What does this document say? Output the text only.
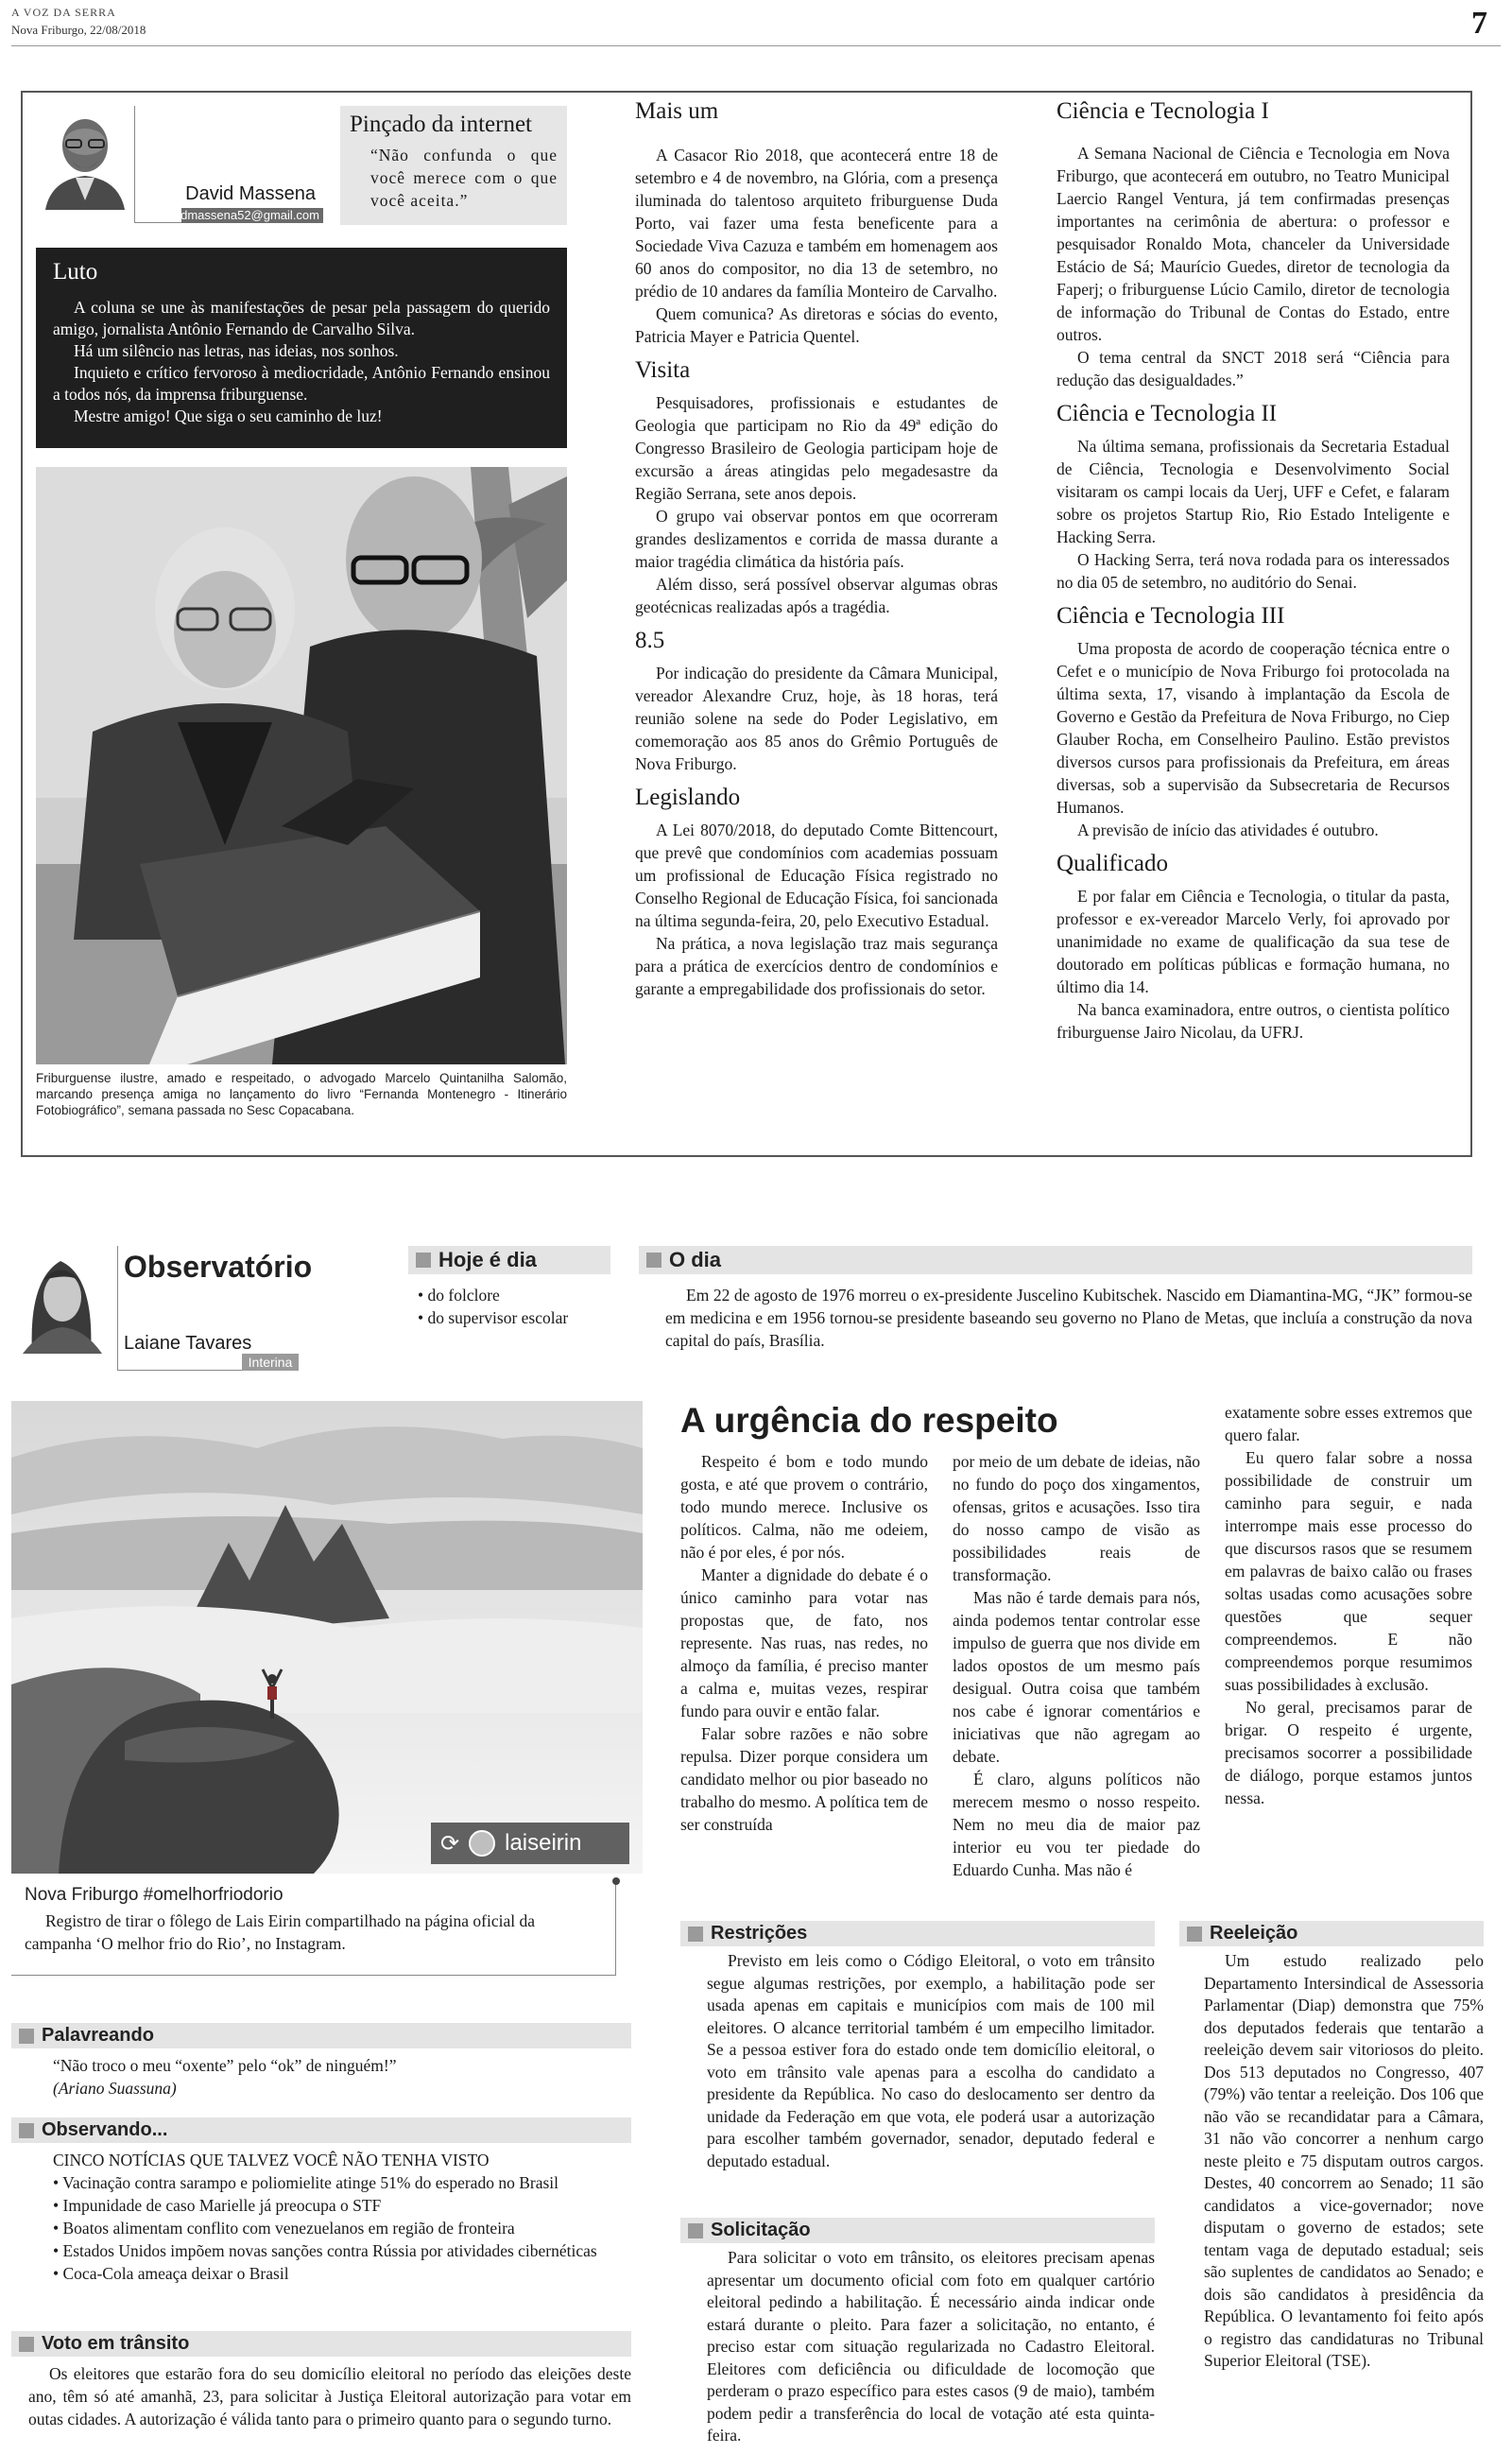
A VOZ DA SERRA
Nova Friburgo, 22/08/2018	7
David Massena
davidmassena52@gmail.com
Pinçado da internet
“Não confunda o que você merece com o que você aceita.”
Luto

A coluna se une às manifestações de pesar pela passagem do querido amigo, jornalista Antônio Fernando de Carvalho Silva.

Há um silêncio nas letras, nas ideias, nos sonhos.

Inquieto e crítico fervoroso à mediocridade, Antônio Fernando ensinou a todos nós, da imprensa friburguense.

Mestre amigo! Que siga o seu caminho de luz!

Friburguense ilustre, amado e respeitado, o advogado Marcelo Quintanilha Salomão, marcando presença amiga no lançamento do livro “Fernanda Montenegro - Itinerário Fotobiográfico”, semana passada no Sesc Copacabana.
Mais um

A Casacor Rio 2018, que acontecerá entre 18 de setembro e 4 de novembro, na Glória, com a presença iluminada do talentoso arquiteto friburguense Duda Porto, vai fazer uma festa beneficente para a Sociedade Viva Cazuza e também em homenagem aos 60 anos do compositor, no dia 13 de setembro, no prédio de 10 andares da família Monteiro de Carvalho.

Quem comunica? As diretoras e sócias do evento, Patricia Mayer e Patricia Quentel.

Visita

Pesquisadores, profissionais e estudantes de Geologia que participam no Rio da 49ª edição do Congresso Brasileiro de Geologia participam hoje de excursão a áreas atingidas pelo megadesastre da Região Serrana, sete anos depois.

O grupo vai observar pontos em que ocorreram grandes deslizamentos e corrida de massa durante a maior tragédia climática da história país.

Além disso, será possível observar algumas obras geotécnicas realizadas após a tragédia.

8.5

Por indicação do presidente da Câmara Municipal, vereador Alexandre Cruz, hoje, às 18 horas, terá reunião solene na sede do Poder Legislativo, em comemoração aos 85 anos do Grêmio Português de Nova Friburgo.

Legislando

A Lei 8070/2018, do deputado Comte Bittencourt, que prevê que condomínios com academias possuam um profissional de Educação Física registrado no Conselho Regional de Educação Física, foi sancionada na última segunda-feira, 20, pelo Executivo Estadual.

Na prática, a nova legislação traz mais segurança para a prática de exercícios dentro de condomínios e garante a empregabilidade dos profissionais do setor.

Ciência e Tecnologia I

A Semana Nacional de Ciência e Tecnologia em Nova Friburgo, que acontecerá em outubro, no Teatro Municipal Laercio Rangel Ventura, já tem confirmadas presenças importantes na cerimônia de abertura: o professor e pesquisador Ronaldo Mota, chanceler da Universidade Estácio de Sá; Maurício Guedes, diretor de tecnologia da Faperj; o friburguense Lúcio Camilo, diretor de tecnologia de informação do Tribunal de Contas do Estado, entre outros.

O tema central da SNCT 2018 será “Ciência para redução das desigualdades.”

Ciência e Tecnologia II

Na última semana, profissionais da Secretaria Estadual de Ciência, Tecnologia e Desenvolvimento Social visitaram os campi locais da Uerj, UFF e Cefet, e falaram sobre os projetos Startup Rio, Rio Estado Inteligente e Hacking Serra.

O Hacking Serra, terá nova rodada para os interessados no dia 05 de setembro, no auditório do Senai.

Ciência e Tecnologia III

Uma proposta de acordo de cooperação técnica entre o Cefet e o município de Nova Friburgo foi protocolada na última sexta, 17, visando à implantação da Escola de Governo e Gestão da Prefeitura de Nova Friburgo, no Ciep Glauber Rocha, em Conselheiro Paulino. Estão previstos diversos cursos para profissionais da Prefeitura, em áreas diversas, sob a supervisão da Subsecretaria de Recursos Humanos.

A previsão de início das atividades é outubro.

Qualificado

E por falar em Ciência e Tecnologia, o titular da pasta, professor e ex-vereador Marcelo Verly, foi aprovado por unanimidade no exame de qualificação da sua tese de doutorado em políticas públicas e formação humana, no último dia 14.

Na banca examinadora, entre outros, o cientista político friburguense Jairo Nicolau, da UFRJ.

Observatório
Laiane Tavares
Interina
Hoje é dia
• do folclore
• do supervisor escolar
O dia

Em 22 de agosto de 1976 morreu o ex-presidente Juscelino Kubitschek. Nascido em Diamantina-MG, “JK” formou-se em medicina e em 1956 tornou-se presidente baseando seu governo no Plano de Metas, que incluía a construção da nova capital do país, Brasília.

⟳ laiseirin
Nova Friburgo #omelhorfriodorio

Registro de tirar o fôlego de Lais Eirin compartilhado na página oficial da campanha ‘O melhor frio do Rio’, no Instagram.

Palavreando
“Não troco o meu “oxente” pelo “ok” de ninguém!”
(Ariano Suassuna)
Observando...
CINCO NOTÍCIAS QUE TALVEZ VOCÊ NÃO TENHA VISTO
• Vacinação contra sarampo e poliomielite atinge 51% do esperado no Brasil
• Impunidade de caso Marielle já preocupa o STF
• Boatos alimentam conflito com venezuelanos em região de fronteira
• Estados Unidos impõem novas sanções contra Rússia por atividades cibernéticas
• Coca-Cola ameaça deixar o Brasil
Voto em trânsito

Os eleitores que estarão fora do seu domicílio eleitoral no período das eleições deste ano, têm só até amanhã, 23, para solicitar à Justiça Eleitoral autorização para votar em outas cidades. A autorização é válida tanto para o primeiro quanto para o segundo turno.

A urgência do respeito

Respeito é bom e todo mundo gosta, e até que provem o contrário, todo mundo merece. Inclusive os políticos. Calma, não me odeiem, não é por eles, é por nós.

Manter a dignidade do debate é o único caminho para votar nas propostas que, de fato, nos represente. Nas ruas, nas redes, no almoço da família, é preciso manter a calma e, muitas vezes, respirar fundo para ouvir e então falar.

Falar sobre razões e não sobre repulsa. Dizer porque considera um candidato melhor ou pior baseado no trabalho do mesmo. A política tem de ser construída

por meio de um debate de ideias, não no fundo do poço dos xingamentos, ofensas, gritos e acusações. Isso tira do nosso campo de visão as possibilidades reais de transformação.

Mas não é tarde demais para nós, ainda podemos tentar controlar esse impulso de guerra que nos divide em lados opostos de um mesmo país desigual. Outra coisa que também nos cabe é ignorar comentários e iniciativas que não agregam ao debate.

É claro, alguns políticos não merecem mesmo o nosso respeito. Nem no meu dia de maior paz interior eu vou ter piedade do Eduardo Cunha. Mas não é

exatamente sobre esses extremos que quero falar.

Eu quero falar sobre a nossa possibilidade de construir um caminho para seguir, e nada interrompe mais esse processo do que discursos rasos que se resumem em palavras de baixo calão ou frases soltas usadas como acusações sobre questões que sequer compreendemos. E não compreendemos porque resumimos suas possibilidades à exclusão.

No geral, precisamos parar de brigar. O respeito é urgente, precisamos socorrer a possibilidade de diálogo, porque estamos juntos nessa.

Restrições

Previsto em leis como o Código Eleitoral, o voto em trânsito segue algumas restrições, por exemplo, a habilitação pode ser usada apenas em capitais e municípios com mais de 100 mil eleitores. O alcance territorial também é um empecilho limitador. Se a pessoa estiver fora do estado onde tem domicílio eleitoral, o voto em trânsito vale apenas para a escolha do candidato a presidente da República. No caso do deslocamento ser dentro da unidade da Federação em que vota, ele poderá usar a autorização para escolher também governador, senador, deputado federal e deputado estadual.

Solicitação

Para solicitar o voto em trânsito, os eleitores precisam apenas apresentar um documento oficial com foto em qualquer cartório eleitoral pedindo a habilitação. É necessário ainda indicar onde estará durante o pleito. Para fazer a solicitação, no entanto, é preciso estar com situação regularizada no Cadastro Eleitoral. Eleitores com deficiência ou dificuldade de locomoção que perderam o prazo específico para estes casos (9 de maio), também podem pedir a transferência do local de votação até esta quinta-feira.

Reeleição

Um estudo realizado pelo Departamento Intersindical de Assessoria Parlamentar (Diap) demonstra que 75% dos deputados federais que tentarão a reeleição devem sair vitoriosos do pleito. Dos 513 deputados no Congresso, 407 (79%) vão tentar a reeleição. Dos 106 que não vão se recandidatar para a Câmara, 31 não vão concorrer a nenhum cargo neste pleito e 75 disputam outros cargos. Destes, 40 concorrem ao Senado; 11 são candidatos a vice-governador; nove disputam o governo de estados; sete tentam vaga de deputado estadual; seis são suplentes de candidatos ao Senado; e dois são candidatos à presidência da República. O levantamento foi feito após o registro das candidaturas no Tribunal Superior Eleitoral (TSE).
